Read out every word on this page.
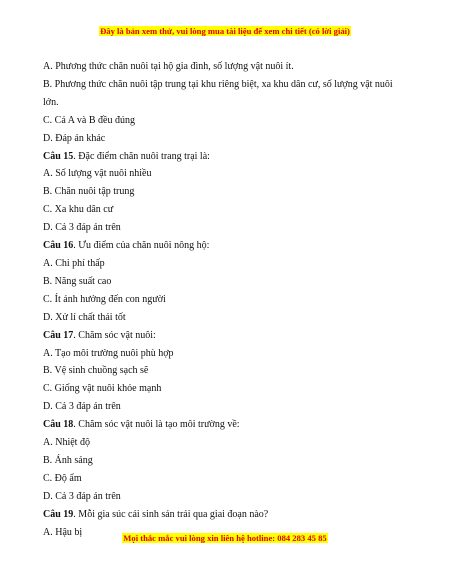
Đây là bản xem thử, vui lòng mua tài liệu để xem chi tiết (có lời giải)
A. Phương thức chăn nuôi tại hộ gia đình, số lượng vật nuôi ít.
B. Phương thức chăn nuôi tập trung tại khu riêng biệt, xa khu dân cư, số lượng vật nuôi
lớn.
C. Cả A và B đều đúng
D. Đáp án khác
Câu 15. Đặc điểm chăn nuôi trang trại là:
A. Số lượng vật nuôi nhiều
B. Chăn nuôi tập trung
C. Xa khu dân cư
D. Cả 3 đáp án trên
Câu 16. Ưu điểm của chăn nuôi nông hộ:
A. Chi phí thấp
B. Năng suất cao
C. Ít ảnh hưởng đến con người
D. Xử lí chất thải tốt
Câu 17. Chăm sóc vật nuôi:
A. Tạo môi trường nuôi phù hợp
B. Vệ sinh chuồng sạch sẽ
C. Giống vật nuôi khỏe mạnh
D. Cả 3 đáp án trên
Câu 18. Chăm sóc vật nuôi là tạo môi trường về:
A. Nhiệt độ
B. Ánh sáng
C. Độ ẩm
D. Cả 3 đáp án trên
Câu 19. Mỗi gia súc cái sinh sản trải qua giai đoạn nào?
A. Hậu bị
Mọi thắc mắc vui lòng xin liên hệ hotline: 084 283 45 85
